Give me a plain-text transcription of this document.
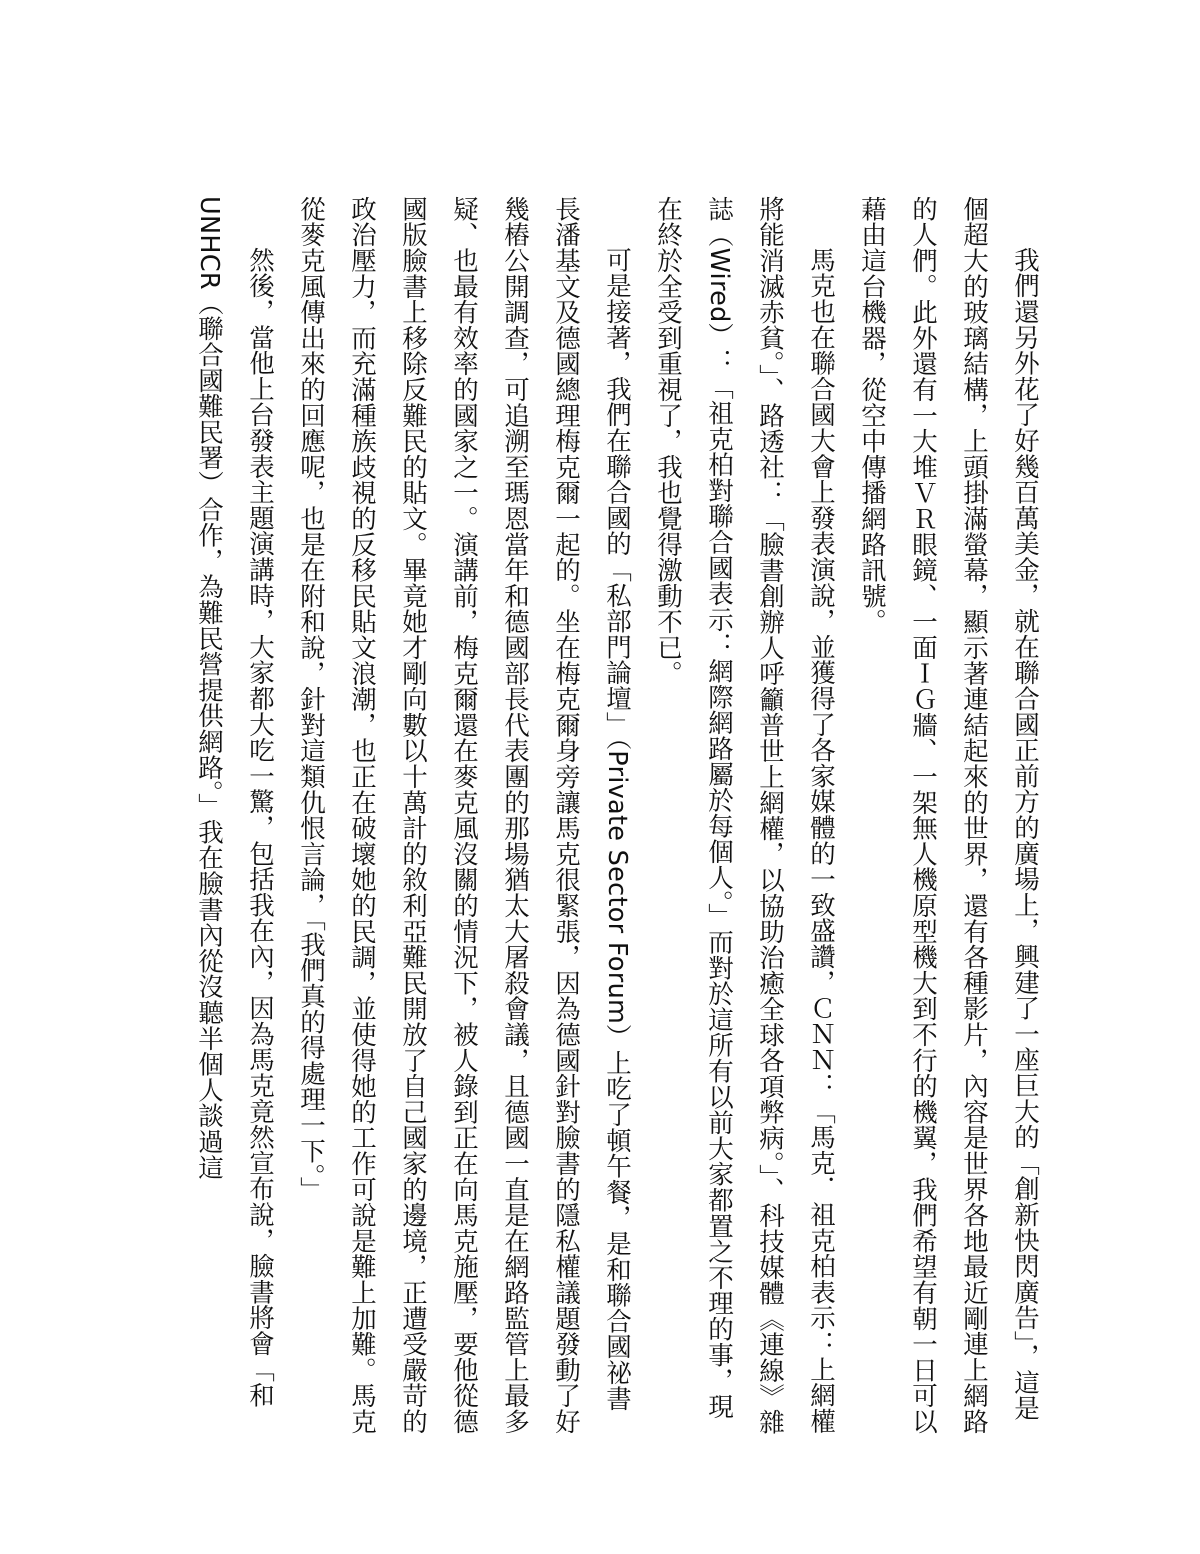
我們還另外花了好幾百萬美金，就在聯合國正前方的廣場上，興建了一座巨大的「創新快閃廣告」，這是個超大的玻璃結構，上頭掛滿螢幕，顯示著連結起來的世界，還有各種影片，內容是世界各地最近剛連上網路的人們。此外還有一大堆ＶＲ眼鏡、一面ＩＧ牆、一架無人機原型機大到不行的機翼，我們希望有朝一日可以藉由這台機器，從空中傳播網路訊號。

馬克也在聯合國大會上發表演說，並獲得了各家媒體的一致盛讚，ＣＮＮ：「馬克．祖克柏表示：上網權將能消滅赤貧。」、路透社：「臉書創辦人呼籲普世上網權，以協助治癒全球各項弊病。」、科技媒體《連線》雜誌（Wired）：「祖克柏對聯合國表示：網際網路屬於每個人。」而對於這所有以前大家都置之不理的事，現在終於全受到重視了，我也覺得激動不已。

可是接著，我們在聯合國的「私部門論壇」（Private Sector Forum）上吃了頓午餐，是和聯合國祕書長潘基文及德國總理梅克爾一起的。坐在梅克爾身旁讓馬克很緊張，因為德國針對臉書的隱私權議題發動了好幾樁公開調查，可追溯至瑪恩當年和德國部長代表團的那場猶太大屠殺會議，且德國一直是在網路監管上最多疑、也最有效率的國家之一。演講前，梅克爾還在麥克風沒關的情況下，被人錄到正在向馬克施壓，要他從德國版臉書上移除反難民的貼文。畢竟她才剛向數以十萬計的敘利亞難民開放了自己國家的邊境，正遭受嚴苛的政治壓力，而充滿種族歧視的反移民貼文浪潮，也正在破壞她的民調，並使得她的工作可說是難上加難。馬克從麥克風傳出來的回應呢，也是在附和說，針對這類仇恨言論，「我們真的得處理一下。」

然後，當他上台發表主題演講時，大家都大吃一驚，包括我在內，因為馬克竟然宣布說，臉書將會「和UNHCR（聯合國難民署）合作，為難民營提供網路。」我在臉書內從沒聽半個人談過這
